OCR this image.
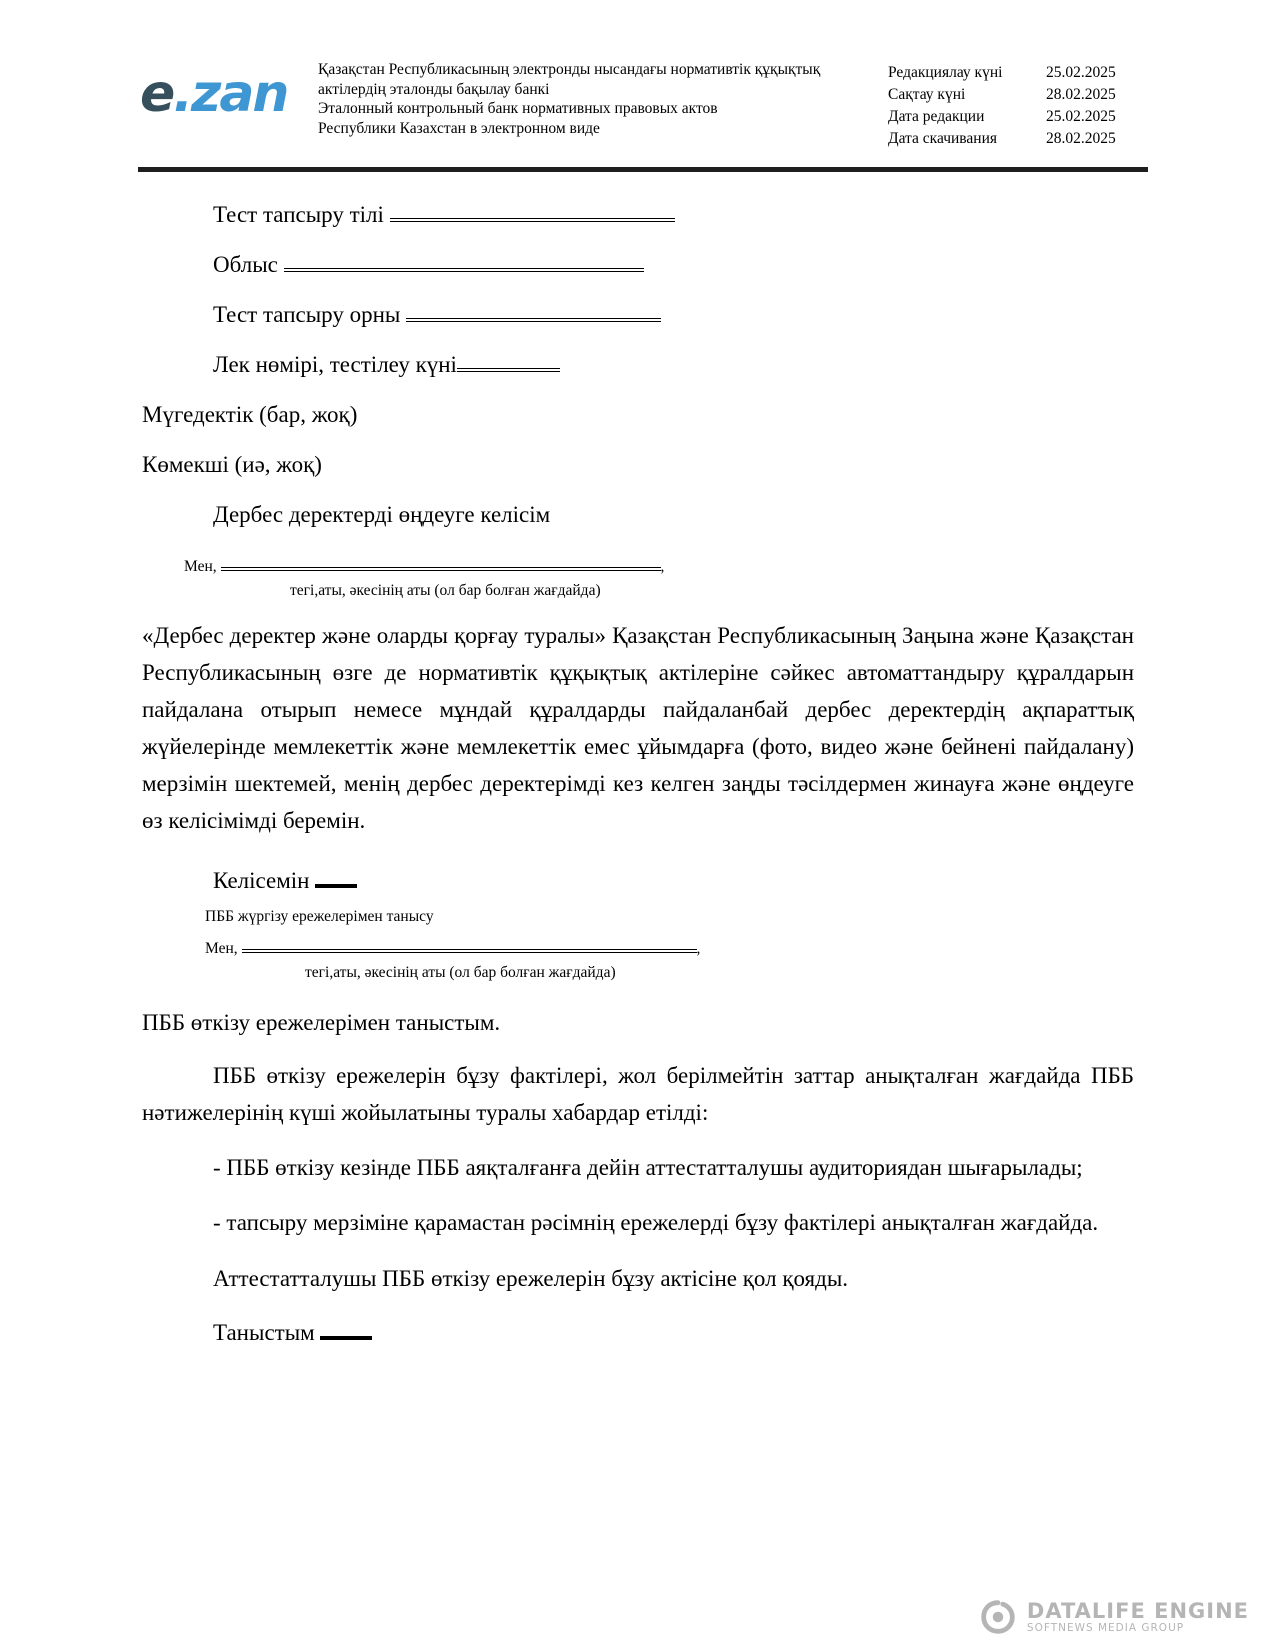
e.zan Қазақстан Республикасының электронды нысандағы нормативтік құқықтық
актілердің эталонды бақылау банкі
Эталонный контрольный банк нормативных правовых актов
Республики Казахстан в электронном виде
Редакциялау күні	25.02.2025
Сақтау күні	28.02.2025
Дата редакции	25.02.2025
Дата скачивания	28.02.2025
Тест тапсыру тілі
Облыс
Тест тапсыру орны
Лек нөмірі, тестілеу күні
Мүгедектік (бар, жоқ)
Көмекші (иә, жоқ)
Дербес деректерді өңдеуге келісім
Мен,	,
тегі,аты, әкесінің аты (ол бар болған жағдайда)

«Дербес деректер және оларды қорғау туралы» Қазақстан Республикасының Заңына және Қазақстан Республикасының өзге де нормативтік құқықтық актілеріне сәйкес автоматтандыру құралдарын пайдалана отырып немесе мұндай құралдарды пайдаланбай дербес деректердің ақпараттық жүйелерінде мемлекеттік және мемлекеттік емес ұйымдарға (фото, видео және бейнені пайдалану) мерзімін шектемей, менің дербес деректерімді кез келген заңды тәсілдермен жинауға және өңдеуге өз келісімімді беремін.

Келісемін
ПББ жүргізу ережелерімен танысу
Мен,	,
тегі,аты, әкесінің аты (ол бар болған жағдайда)
ПББ өткізу ережелерімен таныстым.

ПББ өткізу ережелерін бұзу фактілері, жол берілмейтін заттар анықталған жағдайда ПББ нәтижелерінің күші жойылатыны туралы хабардар етілді:

- ПББ өткізу кезінде ПББ аяқталғанға дейін аттестатталушы аудиториядан шығарылады;

- тапсыру мерзіміне қарамастан рәсімнің ережелерді бұзу фактілері анықталған жағдайда.

Аттестатталушы ПББ өткізу ережелерін бұзу актісіне қол қояды.
Таныстым
DATALIFE ENGINE
SOFTNEWS MEDIA GROUP
